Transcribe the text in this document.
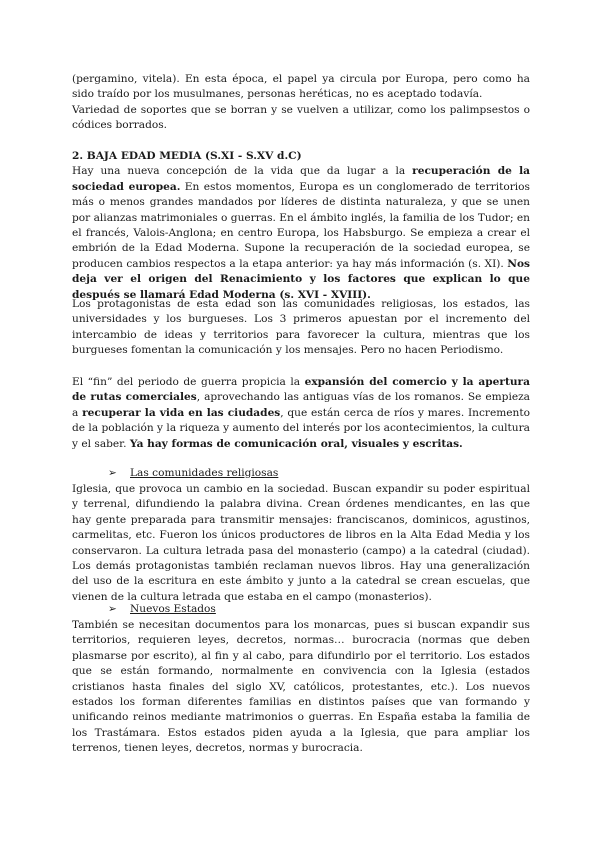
(pergamino, vitela). En esta época, el papel ya circula por Europa, pero como ha sido traído por los musulmanes, personas heréticas, no es aceptado todavía.

Variedad de soportes que se borran y se vuelven a utilizar, como los palimpsestos o códices borrados.

2. BAJA EDAD MEDIA (S.XI - S.XV d.C)

Hay una nueva concepción de la vida que da lugar a la recuperación de la sociedad europea. En estos momentos, Europa es un conglomerado de territorios más o menos grandes mandados por líderes de distinta naturaleza, y que se unen por alianzas matrimoniales o guerras. En el ámbito inglés, la familia de los Tudor; en el francés, Valois-Anglona; en centro Europa, los Habsburgo. Se empieza a crear el embrión de la Edad Moderna. Supone la recuperación de la sociedad europea, se producen cambios respectos a la etapa anterior: ya hay más información (s. XI). Nos deja ver el origen del Renacimiento y los factores que explican lo que después se llamará Edad Moderna (s. XVI - XVIII).

Los protagonistas de esta edad son las comunidades religiosas, los estados, las universidades y los burgueses. Los 3 primeros apuestan por el incremento del intercambio de ideas y territorios para favorecer la cultura, mientras que los burgueses fomentan la comunicación y los mensajes. Pero no hacen Periodismo.

El “fin” del periodo de guerra propicia la expansión del comercio y la apertura de rutas comerciales, aprovechando las antiguas vías de los romanos. Se empieza a recuperar la vida en las ciudades, que están cerca de ríos y mares. Incremento de la población y la riqueza y aumento del interés por los acontecimientos, la cultura y el saber. Ya hay formas de comunicación oral, visuales y escritas.

➢ Las comunidades religiosas

Iglesia, que provoca un cambio en la sociedad. Buscan expandir su poder espiritual y terrenal, difundiendo la palabra divina. Crean órdenes mendicantes, en las que hay gente preparada para transmitir mensajes: franciscanos, dominicos, agustinos, carmelitas, etc. Fueron los únicos productores de libros en la Alta Edad Media y los conservaron. La cultura letrada pasa del monasterio (campo) a la catedral (ciudad). Los demás protagonistas también reclaman nuevos libros. Hay una generalización del uso de la escritura en este ámbito y junto a la catedral se crean escuelas, que vienen de la cultura letrada que estaba en el campo (monasterios).

➢ Nuevos Estados

También se necesitan documentos para los monarcas, pues si buscan expandir sus territorios, requieren leyes, decretos, normas… burocracia (normas que deben plasmarse por escrito), al fin y al cabo, para difundirlo por el territorio. Los estados que se están formando, normalmente en convivencia con la Iglesia (estados cristianos hasta finales del siglo XV, católicos, protestantes, etc.). Los nuevos estados los forman diferentes familias en distintos países que van formando y unificando reinos mediante matrimonios o guerras. En España estaba la familia de los Trastámara. Estos estados piden ayuda a la Iglesia, que para ampliar los terrenos, tienen leyes, decretos, normas y burocracia.
